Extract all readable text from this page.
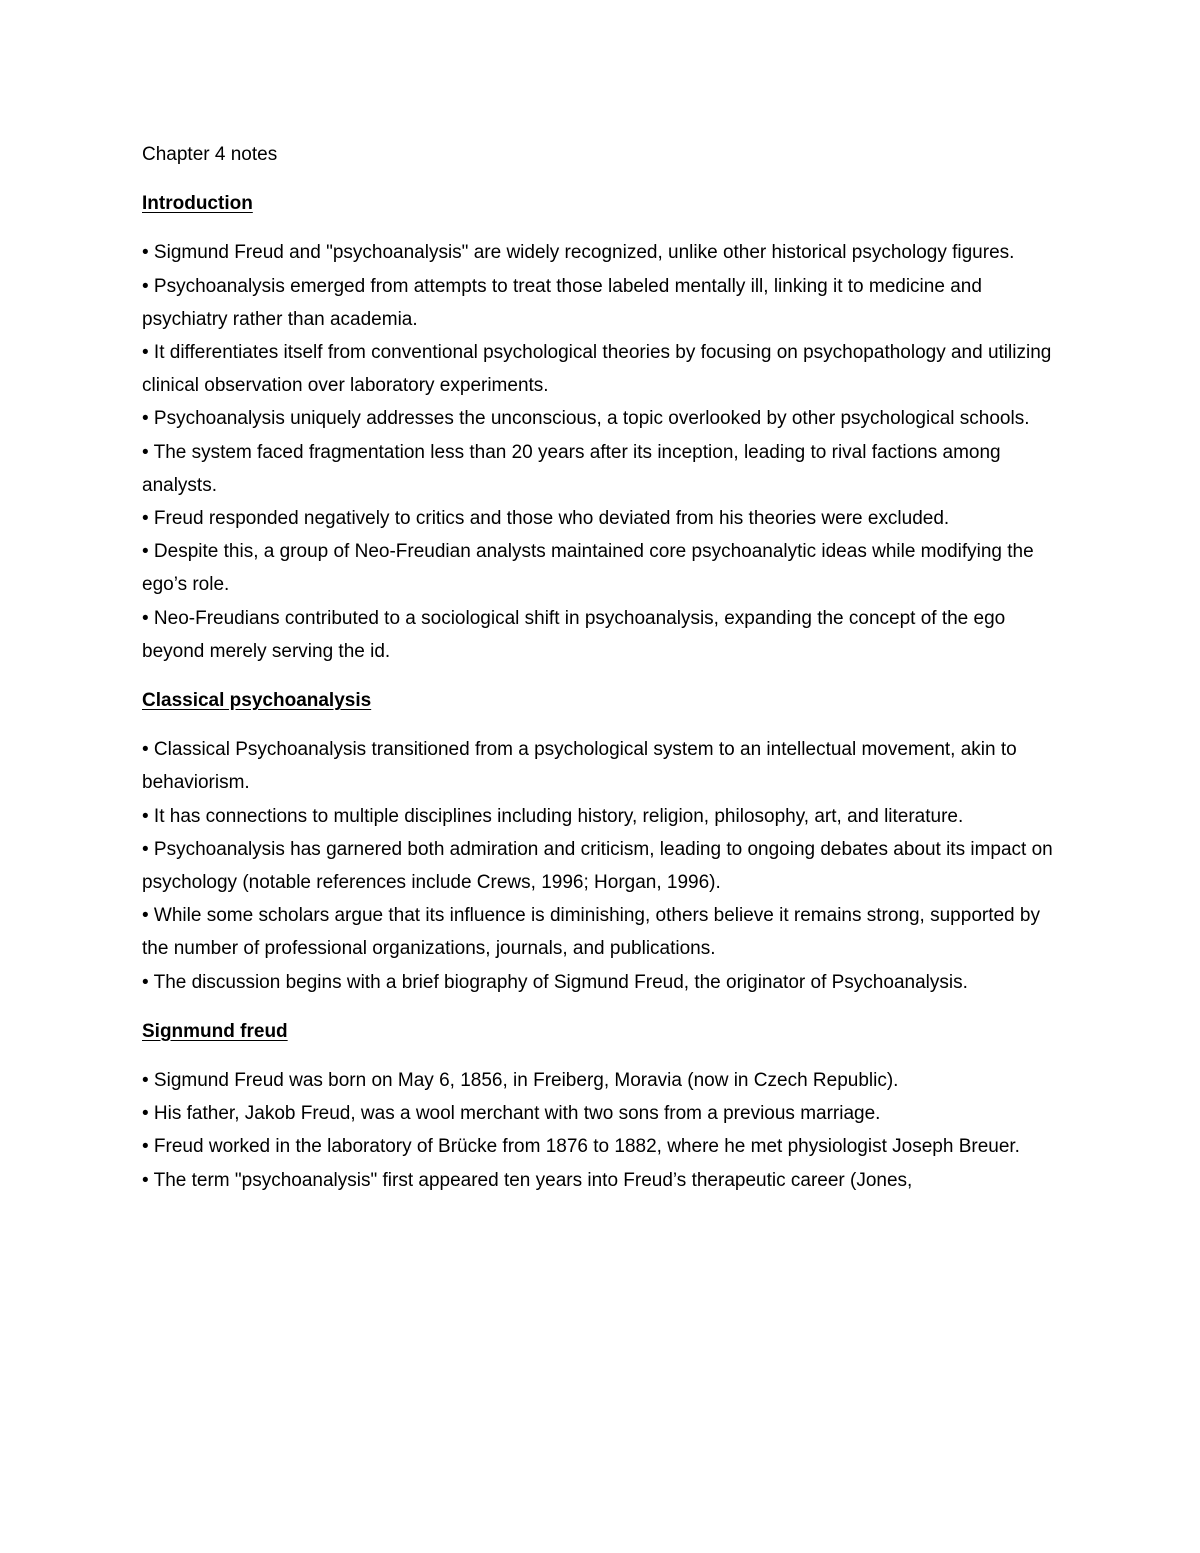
Chapter 4 notes

Introduction

• Sigmund Freud and "psychoanalysis" are widely recognized, unlike other historical psychology figures.
• Psychoanalysis emerged from attempts to treat those labeled mentally ill, linking it to medicine and psychiatry rather than academia.
• It differentiates itself from conventional psychological theories by focusing on psychopathology and utilizing clinical observation over laboratory experiments.
• Psychoanalysis uniquely addresses the unconscious, a topic overlooked by other psychological schools.
• The system faced fragmentation less than 20 years after its inception, leading to rival factions among analysts.
• Freud responded negatively to critics and those who deviated from his theories were excluded.
• Despite this, a group of Neo-Freudian analysts maintained core psychoanalytic ideas while modifying the ego’s role.
• Neo-Freudians contributed to a sociological shift in psychoanalysis, expanding the concept of the ego beyond merely serving the id.

Classical psychoanalysis

• Classical Psychoanalysis transitioned from a psychological system to an intellectual movement, akin to behaviorism.
• It has connections to multiple disciplines including history, religion, philosophy, art, and literature.
• Psychoanalysis has garnered both admiration and criticism, leading to ongoing debates about its impact on psychology (notable references include Crews, 1996; Horgan, 1996).
• While some scholars argue that its influence is diminishing, others believe it remains strong, supported by the number of professional organizations, journals, and publications.
• The discussion begins with a brief biography of Sigmund Freud, the originator of Psychoanalysis.

Signmund freud

• Sigmund Freud was born on May 6, 1856, in Freiberg, Moravia (now in Czech Republic).
• His father, Jakob Freud, was a wool merchant with two sons from a previous marriage.
• Freud worked in the laboratory of Brücke from 1876 to 1882, where he met physiologist Joseph Breuer.
• The term "psychoanalysis" first appeared ten years into Freud’s therapeutic career (Jones,
